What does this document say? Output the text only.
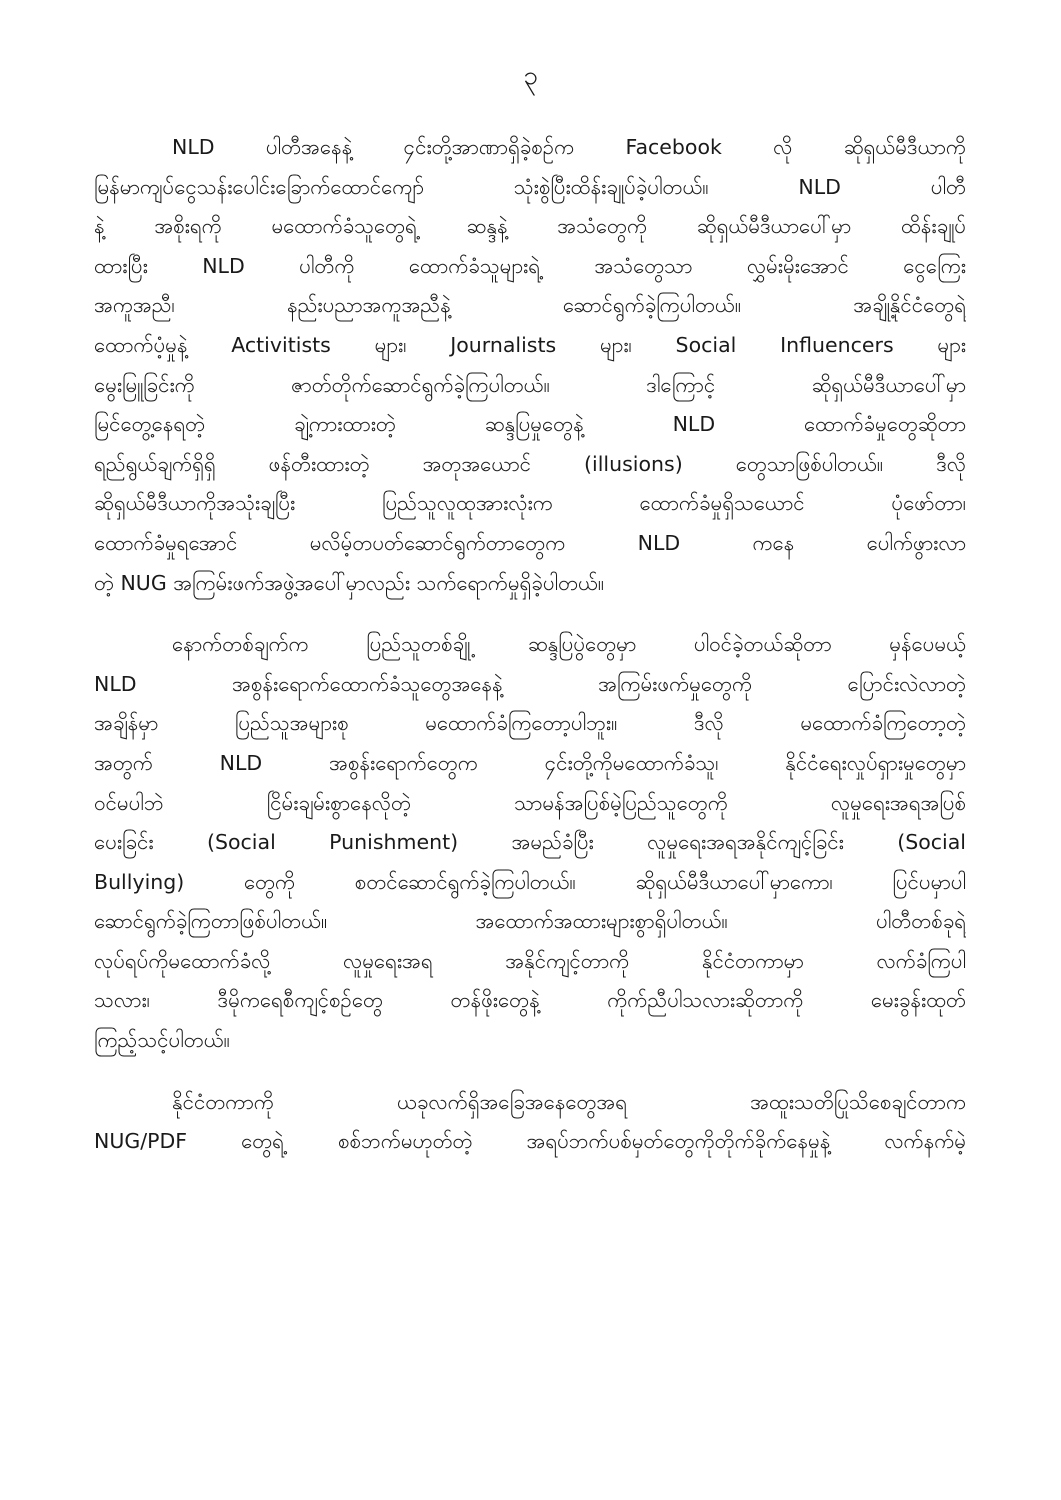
၃
NLD ပါတီအနေနဲ့ ၄င်းတို့အာဏာရှိခဲ့စဉ်က Facebook လို ဆိုရှယ်မီဒီယာကို
မြန်မာကျပ်ငွေသန်းပေါင်းခြောက်ထောင်ကျော် သုံးစွဲပြီးထိန်းချုပ်ခဲ့ပါတယ်။ NLD ပါတီ
နဲ့ အစိုးရကို မထောက်ခံသူတွေရဲ့ ဆန္ဒနဲ့ အသံတွေကို ဆိုရှယ်မီဒီယာပေါ်မှာ ထိန်းချုပ်
ထားပြီး NLD ပါတီကို ထောက်ခံသူများရဲ့ အသံတွေသာ လွှမ်းမိုးအောင် ငွေကြေး
အကူအညီ၊ နည်းပညာအကူအညီနဲ့ ဆောင်ရွက်ခဲ့ကြပါတယ်။ အချို့နိုင်ငံတွေရဲ့
ထောက်ပံ့မှုနဲ့ Activitists များ၊ Journalists များ၊ Social Influencers များ
မွေးမြူခြင်းကို ဇာတ်တိုက်ဆောင်ရွက်ခဲ့ကြပါတယ်။ ဒါကြောင့် ဆိုရှယ်မီဒီယာပေါ်မှာ
မြင်တွေ့နေရတဲ့ ချဲ့ကားထားတဲ့ ဆန္ဒပြမှုတွေနဲ့ NLD ထောက်ခံမှုတွေဆိုတာ
ရည်ရွယ်ချက်ရှိရှိ ဖန်တီးထားတဲ့ အတုအယောင် (illusions) တွေသာဖြစ်ပါတယ်။ ဒီလို
ဆိုရှယ်မီဒီယာကိုအသုံးချပြီး ပြည်သူလူထုအားလုံးက ထောက်ခံမှုရှိသယောင် ပုံဖော်တာ၊
ထောက်ခံမှုရအောင် မလိမ့်တပတ်ဆောင်ရွက်တာတွေက NLD ကနေ ပေါက်ဖွားလာ
တဲ့ NUG အကြမ်းဖက်အဖွဲ့အပေါ်မှာလည်း သက်ရောက်မှုရှိခဲ့ပါတယ်။
နောက်တစ်ချက်က ပြည်သူတစ်ချို့ ဆန္ဒပြပွဲတွေမှာ ပါဝင်ခဲ့တယ်ဆိုတာ မှန်ပေမယ့်
NLD အစွန်းရောက်ထောက်ခံသူတွေအနေနဲ့ အကြမ်းဖက်မှုတွေကို ပြောင်းလဲလာတဲ့
အချိန်မှာ ပြည်သူအများစု မထောက်ခံကြတော့ပါဘူး။ ဒီလို မထောက်ခံကြတော့တဲ့
အတွက် NLD အစွန်းရောက်တွေက ၄င်းတို့ကိုမထောက်ခံသူ၊ နိုင်ငံရေးလှုပ်ရှားမှုတွေမှာ
ဝင်မပါဘဲ ငြိမ်းချမ်းစွာနေလိုတဲ့ သာမန်အပြစ်မဲ့ပြည်သူတွေကို လူမှုရေးအရအပြစ်
ပေးခြင်း (Social Punishment) အမည်ခံပြီး လူမှုရေးအရအနိုင်ကျင့်ခြင်း (Social
Bullying) တွေကို စတင်ဆောင်ရွက်ခဲ့ကြပါတယ်။ ဆိုရှယ်မီဒီယာပေါ်မှာကော၊ ပြင်ပမှာပါ
ဆောင်ရွက်ခဲ့ကြတာဖြစ်ပါတယ်။ အထောက်အထားများစွာရှိပါတယ်။ ပါတီတစ်ခုရဲ့
လုပ်ရပ်ကိုမထောက်ခံလို့ လူမှုရေးအရ အနိုင်ကျင့်တာကို နိုင်ငံတကာမှာ လက်ခံကြပါ
သလား၊ ဒီမိုကရေစီကျင့်စဉ်တွေ တန်ဖိုးတွေနဲ့ ကိုက်ညီပါသလားဆိုတာကို မေးခွန်းထုတ်
ကြည့်သင့်ပါတယ်။
နိုင်ငံတကာကို ယခုလက်ရှိအခြေအနေတွေအရ အထူးသတိပြုသိစေချင်တာက
NUG/PDF တွေရဲ့ စစ်ဘက်မဟုတ်တဲ့ အရပ်ဘက်ပစ်မှတ်တွေကိုတိုက်ခိုက်နေမှုနဲ့ လက်နက်မဲ့
